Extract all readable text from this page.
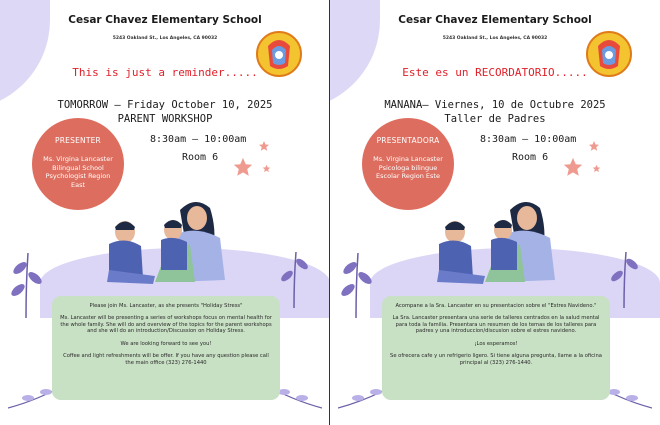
Cesar Chavez Elementary School
5243 Oakland St., Los Angeles, CA 90032
This is just a reminder.....
TOMORROW – Friday October 10, 2025
PARENT WORKSHOP
8:30am – 10:00am
Room 6
PRESENTER
Ms. Virgina Lancaster Bilingual School Psychologist Region East

Please join Ms. Lancaster, as she presents "Holiday Stress"

Ms. Lancaster will be presenting a series of workshops focus on mental health for the whole family. She will do and overview of the topics for the parent workshops and she will do an introduction/Discussion on Holiday Stress.

We are looking forward to see you!

Coffee and light refreshments will be offer. If you have any question please call the main office (323) 276-1440

Cesar Chavez Elementary School
5243 Oakland St., Los Angeles, CA 90032
Este es un RECORDATORIO.....
MANANA– Viernes, 10 de Octubre 2025
Taller de Padres
8:30am – 10:00am
Room 6
PRESENTADORA
Ms. Virgina Lancaster Psicologa bilingue Escolar Region Este

Acompane a la Sra. Lancaster en su presentacion sobre el "Estres Navideno."

La Sra. Lancaster presentara una serie de talleres centrados en la salud mental para toda la familia. Presentara un resumen de los temas de los talleres para padres y una introduccion/discusion sobre el estres navideno.

¡Los esperamos!

Se ofrecera cafe y un refrigerio ligero. Si tiene alguna pregunta, llame a la oficina principal al (323) 276-1440.
